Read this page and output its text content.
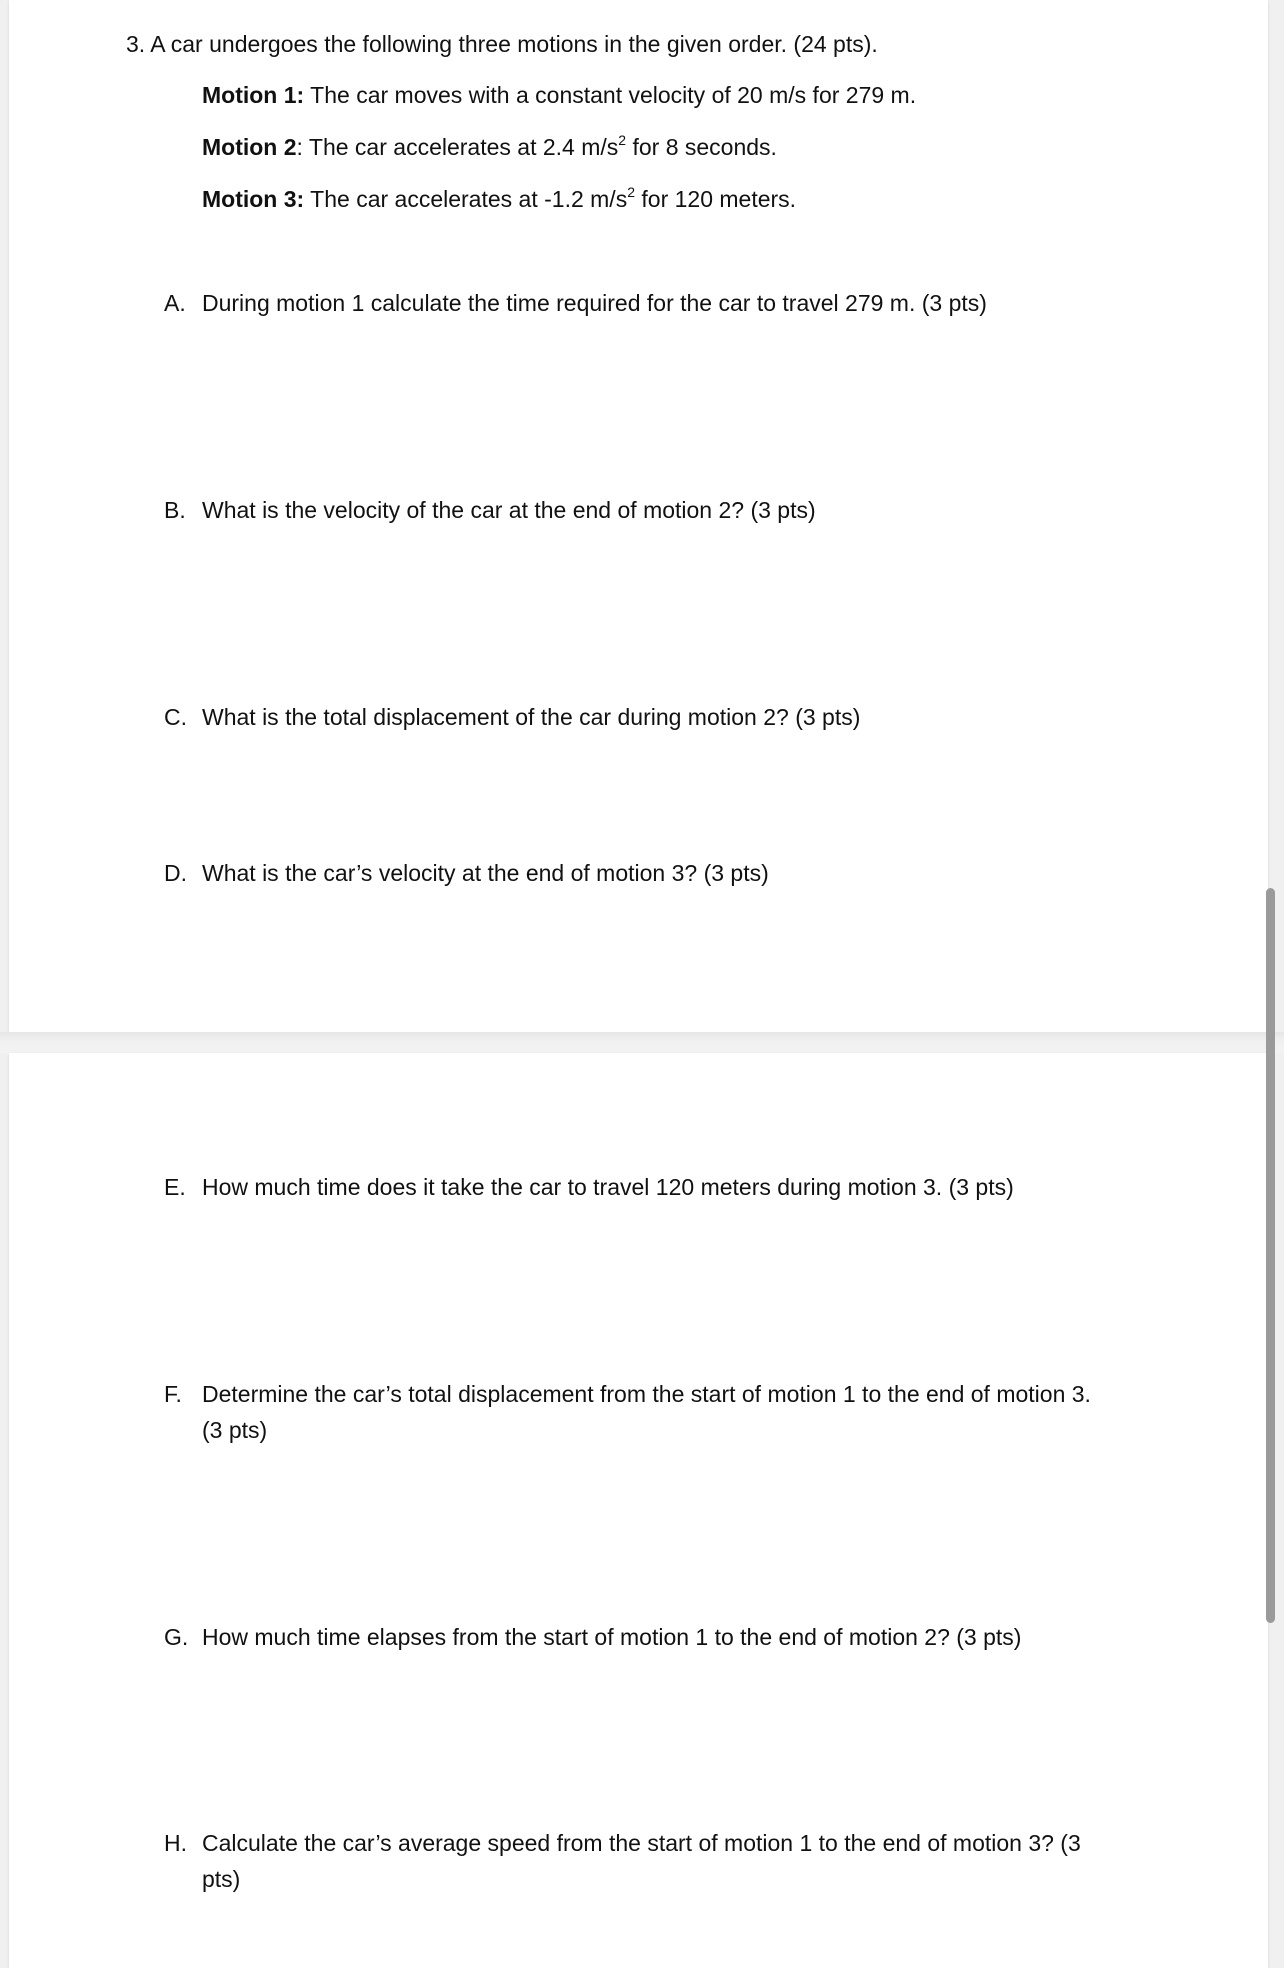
3. A car undergoes the following three motions in the given order. (24 pts).

Motion 1: The car moves with a constant velocity of 20 m/s for 279 m.

Motion 2: The car accelerates at 2.4 $m/s^2$ for 8 seconds.

Motion 3: The car accelerates at -1.2 $m/s^2$ for 120 meters.

A. During motion 1 calculate the time required for the car to travel 279 m. (3 pts)

B. What is the velocity of the car at the end of motion 2? (3 pts)

C. What is the total displacement of the car during motion 2? (3 pts)

D. What is the car’s velocity at the end of motion 3? (3 pts)

E. How much time does it take the car to travel 120 meters during motion 3. (3 pts)

F. Determine the car’s total displacement from the start of motion 1 to the end of motion 3.

(3 pts)

G. How much time elapses from the start of motion 1 to the end of motion 2? (3 pts)

H. Calculate the car’s average speed from the start of motion 1 to the end of motion 3? (3

pts)
